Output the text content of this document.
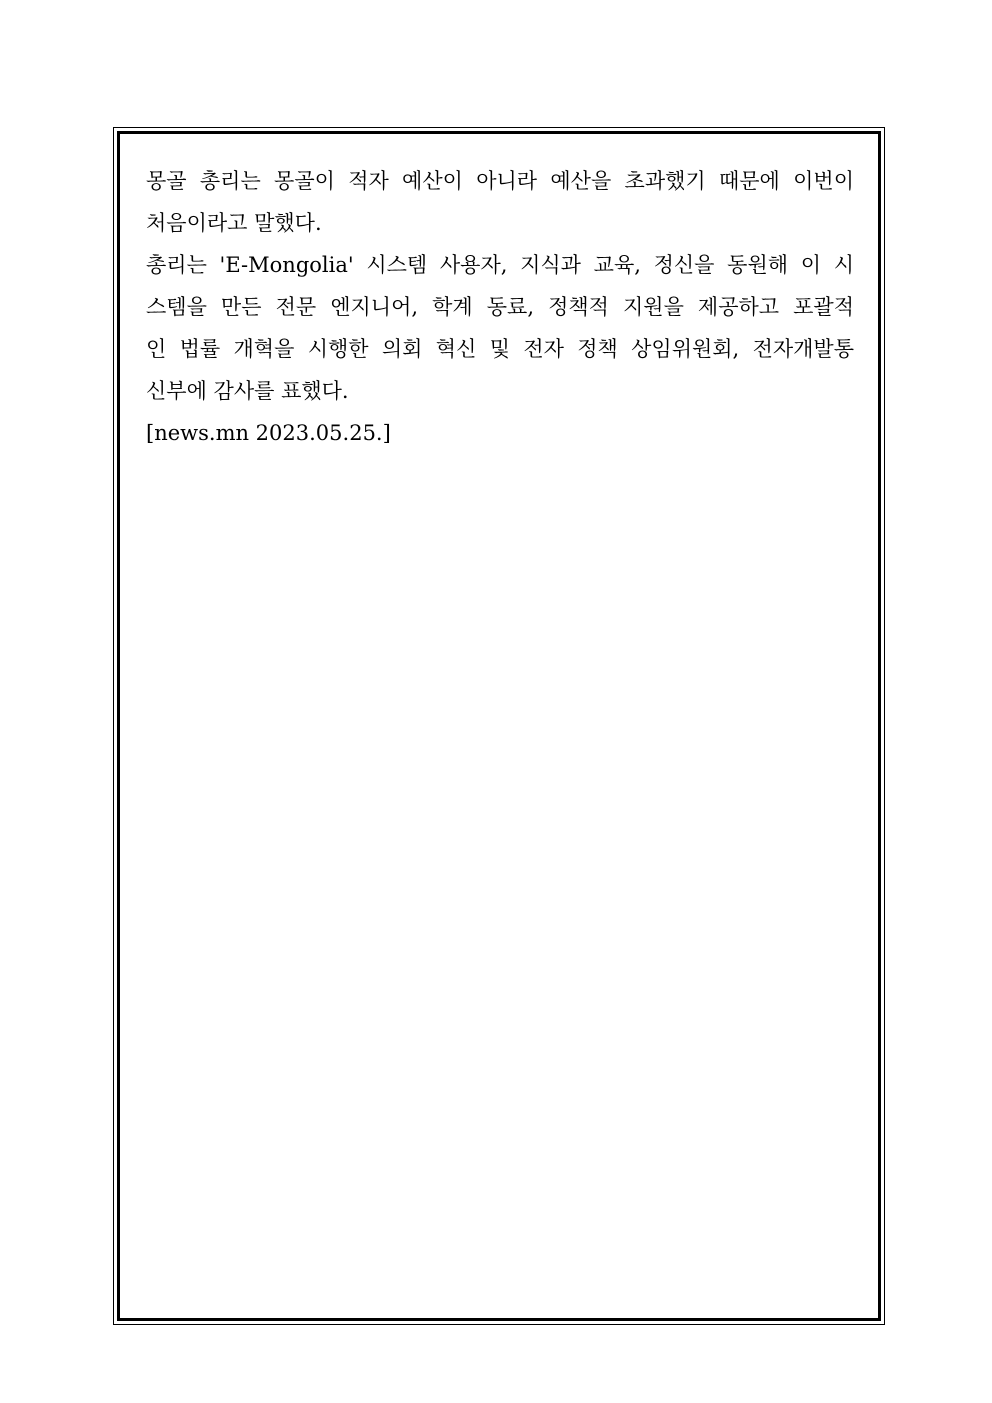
몽골 총리는 몽골이 적자 예산이 아니라 예산을 초과했기 때문에 이번이
처음이라고 말했다.
총리는 'E-Mongolia' 시스템 사용자, 지식과 교육, 정신을 동원해 이 시
스템을 만든 전문 엔지니어, 학계 동료, 정책적 지원을 제공하고 포괄적
인 법률 개혁을 시행한 의회 혁신 및 전자 정책 상임위원회, 전자개발통
신부에 감사를 표했다.
[news.mn 2023.05.25.]
